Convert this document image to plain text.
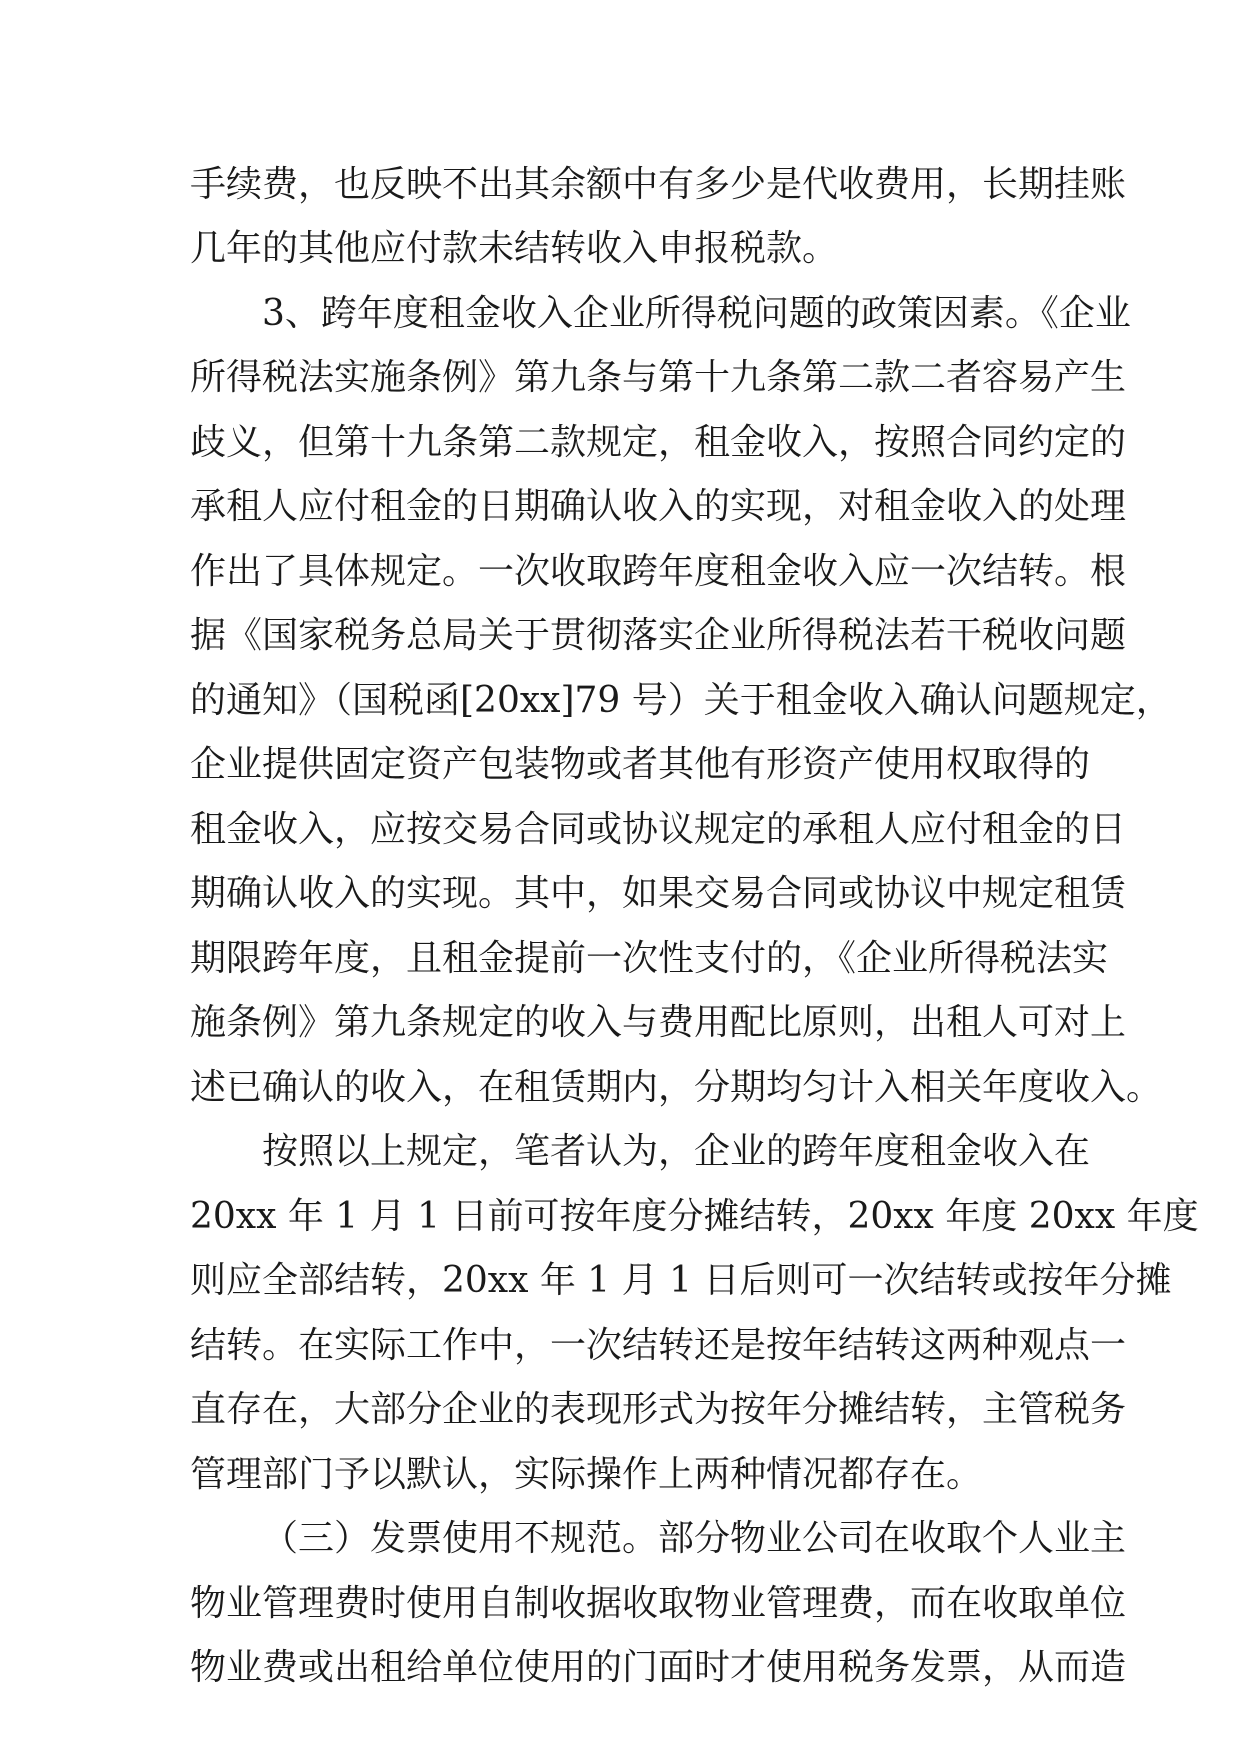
手续费，也反映不出其余额中有多少是代收费用，长期挂账
几年的其他应付款未结转收入申报税款。
3、跨年度租金收入企业所得税问题的政策因素。《企业
所得税法实施条例》第九条与第十九条第二款二者容易产生
歧义，但第十九条第二款规定，租金收入，按照合同约定的
承租人应付租金的日期确认收入的实现，对租金收入的处理
作出了具体规定。一次收取跨年度租金收入应一次结转。根
据《国家税务总局关于贯彻落实企业所得税法若干税收问题
的通知》（国税函[20xx]79 号）关于租金收入确认问题规定，
企业提供固定资产包装物或者其他有形资产使用权取得的
租金收入，应按交易合同或协议规定的承租人应付租金的日
期确认收入的实现。其中，如果交易合同或协议中规定租赁
期限跨年度，且租金提前一次性支付的，《企业所得税法实
施条例》第九条规定的收入与费用配比原则，出租人可对上
述已确认的收入，在租赁期内，分期均匀计入相关年度收入。
按照以上规定，笔者认为，企业的跨年度租金收入在
20xx 年 1 月 1 日前可按年度分摊结转，20xx 年度 20xx 年度
则应全部结转，20xx 年 1 月 1 日后则可一次结转或按年分摊
结转。在实际工作中，一次结转还是按年结转这两种观点一
直存在，大部分企业的表现形式为按年分摊结转，主管税务
管理部门予以默认，实际操作上两种情况都存在。
（三）发票使用不规范。部分物业公司在收取个人业主
物业管理费时使用自制收据收取物业管理费，而在收取单位
物业费或出租给单位使用的门面时才使用税务发票，从而造
